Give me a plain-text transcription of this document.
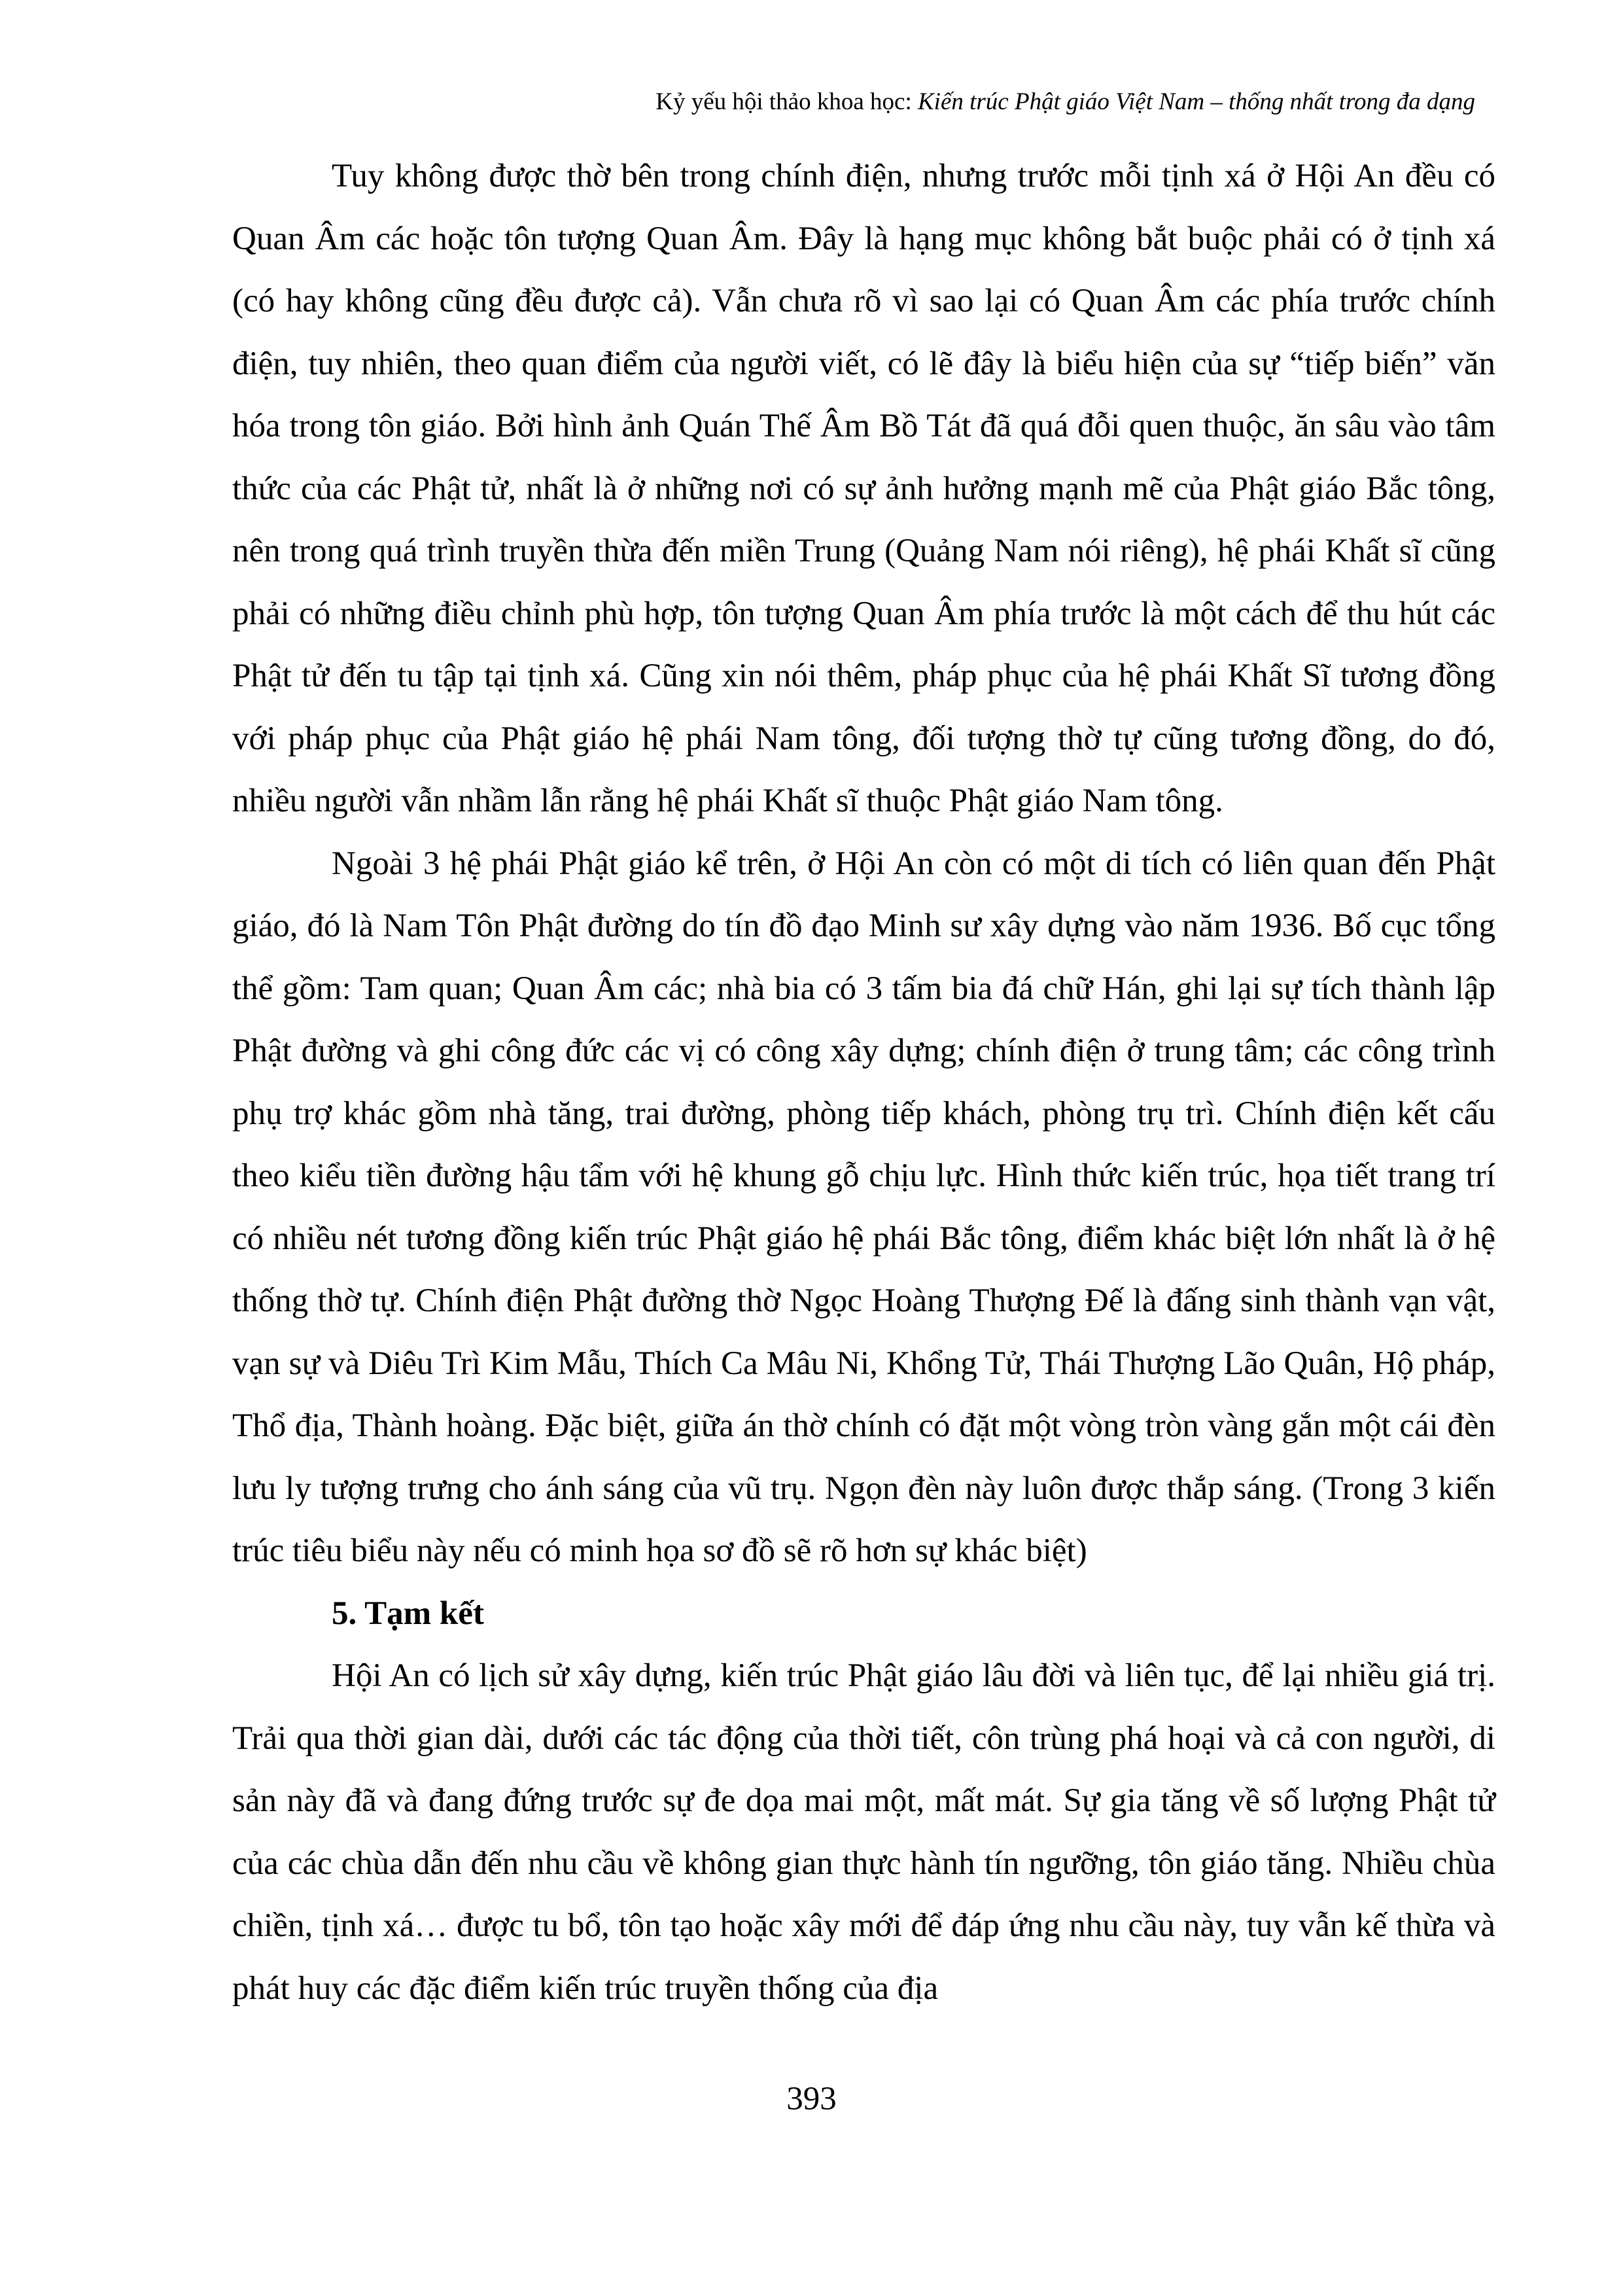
Kỷ yếu hội thảo khoa học: Kiến trúc Phật giáo Việt Nam – thống nhất trong đa dạng

Tuy không được thờ bên trong chính điện, nhưng trước mỗi tịnh xá ở Hội An đều có Quan Âm các hoặc tôn tượng Quan Âm. Đây là hạng mục không bắt buộc phải có ở tịnh xá (có hay không cũng đều được cả). Vẫn chưa rõ vì sao lại có Quan Âm các phía trước chính điện, tuy nhiên, theo quan điểm của người viết, có lẽ đây là biểu hiện của sự “tiếp biến” văn hóa trong tôn giáo. Bởi hình ảnh Quán Thế Âm Bồ Tát đã quá đỗi quen thuộc, ăn sâu vào tâm thức của các Phật tử, nhất là ở những nơi có sự ảnh hưởng mạnh mẽ của Phật giáo Bắc tông, nên trong quá trình truyền thừa đến miền Trung (Quảng Nam nói riêng), hệ phái Khất sĩ cũng phải có những điều chỉnh phù hợp, tôn tượng Quan Âm phía trước là một cách để thu hút các Phật tử đến tu tập tại tịnh xá. Cũng xin nói thêm, pháp phục của hệ phái Khất Sĩ tương đồng với pháp phục của Phật giáo hệ phái Nam tông, đối tượng thờ tự cũng tương đồng, do đó, nhiều người vẫn nhầm lẫn rằng hệ phái Khất sĩ thuộc Phật giáo Nam tông.

Ngoài 3 hệ phái Phật giáo kể trên, ở Hội An còn có một di tích có liên quan đến Phật giáo, đó là Nam Tôn Phật đường do tín đồ đạo Minh sư xây dựng vào năm 1936. Bố cục tổng thể gồm: Tam quan; Quan Âm các; nhà bia có 3 tấm bia đá chữ Hán, ghi lại sự tích thành lập Phật đường và ghi công đức các vị có công xây dựng; chính điện ở trung tâm; các công trình phụ trợ khác gồm nhà tăng, trai đường, phòng tiếp khách, phòng trụ trì. Chính điện kết cấu theo kiểu tiền đường hậu tẩm với hệ khung gỗ chịu lực. Hình thức kiến trúc, họa tiết trang trí có nhiều nét tương đồng kiến trúc Phật giáo hệ phái Bắc tông, điểm khác biệt lớn nhất là ở hệ thống thờ tự. Chính điện Phật đường thờ Ngọc Hoàng Thượng Đế là đấng sinh thành vạn vật, vạn sự và Diêu Trì Kim Mẫu, Thích Ca Mâu Ni, Khổng Tử, Thái Thượng Lão Quân, Hộ pháp, Thổ địa, Thành hoàng. Đặc biệt, giữa án thờ chính có đặt một vòng tròn vàng gắn một cái đèn lưu ly tượng trưng cho ánh sáng của vũ trụ. Ngọn đèn này luôn được thắp sáng. (Trong 3 kiến trúc tiêu biểu này nếu có minh họa sơ đồ sẽ rõ hơn sự khác biệt)

5. Tạm kết

Hội An có lịch sử xây dựng, kiến trúc Phật giáo lâu đời và liên tục, để lại nhiều giá trị. Trải qua thời gian dài, dưới các tác động của thời tiết, côn trùng phá hoại và cả con người, di sản này đã và đang đứng trước sự đe dọa mai một, mất mát. Sự gia tăng về số lượng Phật tử của các chùa dẫn đến nhu cầu về không gian thực hành tín ngưỡng, tôn giáo tăng. Nhiều chùa chiền, tịnh xá… được tu bổ, tôn tạo hoặc xây mới để đáp ứng nhu cầu này, tuy vẫn kế thừa và phát huy các đặc điểm kiến trúc truyền thống của địa

393
